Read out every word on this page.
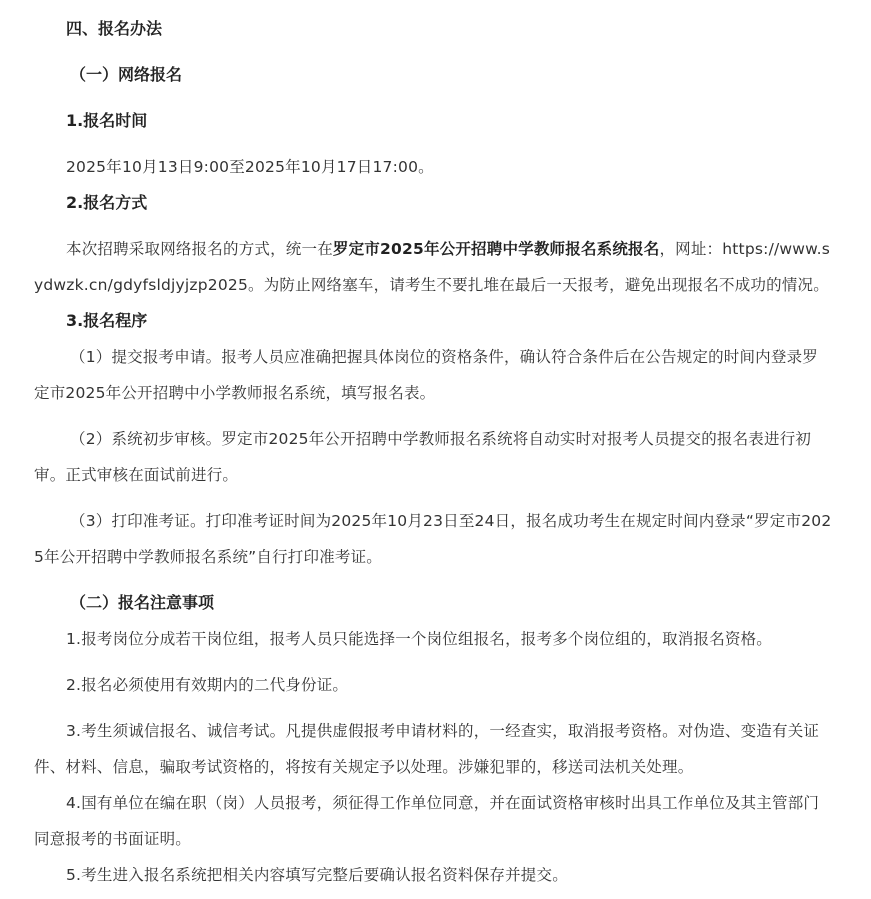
四、报名办法

（一）网络报名

1.报名时间

2025年10月13日9:00至2025年10月17日17:00。

2.报名方式

本次招聘采取网络报名的方式，统一在罗定市2025年公开招聘中学教师报名系统报名，网址：https://www.s

ydwzk.cn/gdyfsldjyjzp2025。为防止网络塞车，请考生不要扎堆在最后一天报考，避免出现报名不成功的情况。

3.报名程序

（1）提交报考申请。报考人员应准确把握具体岗位的资格条件，确认符合条件后在公告规定的时间内登录罗

定市2025年公开招聘中小学教师报名系统，填写报名表。

（2）系统初步审核。罗定市2025年公开招聘中学教师报名系统将自动实时对报考人员提交的报名表进行初

审。正式审核在面试前进行。

（3）打印准考证。打印准考证时间为2025年10月23日至24日，报名成功考生在规定时间内登录“罗定市202

5年公开招聘中学教师报名系统”自行打印准考证。

（二）报名注意事项

1.报考岗位分成若干岗位组，报考人员只能选择一个岗位组报名，报考多个岗位组的，取消报名资格。

2.报名必须使用有效期内的二代身份证。

3.考生须诚信报名、诚信考试。凡提供虚假报考申请材料的，一经查实，取消报考资格。对伪造、变造有关证

件、材料、信息，骗取考试资格的，将按有关规定予以处理。涉嫌犯罪的，移送司法机关处理。

4.国有单位在编在职（岗）人员报考，须征得工作单位同意，并在面试资格审核时出具工作单位及其主管部门

同意报考的书面证明。

5.考生进入报名系统把相关内容填写完整后要确认报名资料保存并提交。
